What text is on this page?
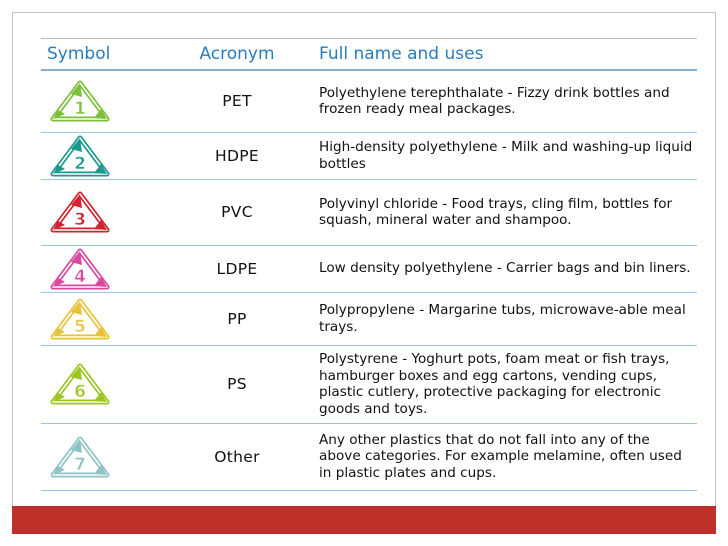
Symbol	Acronym	Full name and uses

1	PET	Polyethylene terephthalate - Fizzy drink bottles and frozen ready meal packages.

2	HDPE	High-density polyethylene - Milk and washing-up liquid bottles

3	PVC	Polyvinyl chloride - Food trays, cling film, bottles for squash, mineral water and shampoo.

4	LDPE	Low density polyethylene - Carrier bags and bin liners.

5	PP	Polypropylene - Margarine tubs, microwave-able meal trays.

6	PS	Polystyrene - Yoghurt pots, foam meat or fish trays, hamburger boxes and egg cartons, vending cups, plastic cutlery, protective packaging for electronic goods and toys.

7	Other	Any other plastics that do not fall into any of the above categories. For example melamine, often used in plastic plates and cups.
